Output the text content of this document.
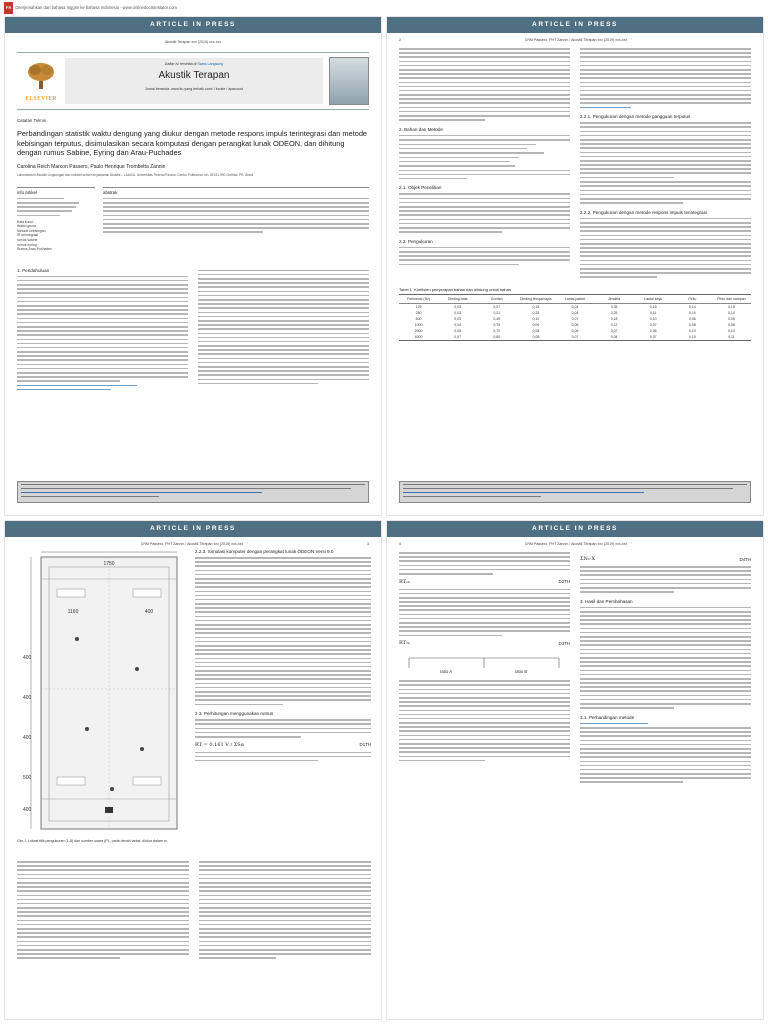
FA Diterjemahkan dari bahasa Inggris ke bahasa Indonesia - www.onlinedoctranslator.com
ARTICLE IN PRESS
Akustik Terapan xxx (2019) xxx-xxx
ELSEVIER
Daftar isi tersedia di Sains Langsung
Akustik Terapan
Jurnal beranda: www.itu.yang terbaik.com/ / locate / apacoust
Catatan Teknis
Perbandingan statistik waktu dengung yang diukur dengan metode respons impuls terintegrasi dan metode kebisingan terputus, disimulasikan secara komputasi dengan perangkat lunak ODEON, dan dihitung dengan rumus Sabine, Eyring dan Arau-Puchades
Carolina Reich Marcon Passero, Paulo Henrique Trombetta Zannin
Laboratorium Akustik Lingkungan dan Industri serta Kenyamanan Akustik – LAAICA, Universitas Federal Parana, Centro Politecnico s/n, 81531-990 Curitiba, PR, Brasil
info artikel
Kata kunci:
Waktu gema
Metode kebisingan
IR terintegrasi
rumus sabine
rumus eyring
Rumus Arau-Puchades
abstrak
1. Pendahuluan
ARTICLE IN PRESS
2	CRM Passero, PHT Zannin / Akustik Terapan xxx (2019) xxx-xxx
2. Bahan dan Metode
2.1. Objek Penelitian
2.2. Pengukuran
2.2.1. Pengukuran dengan metode gangguan terputus
2.2.2. Pengukuran dengan metode respons impuls terintegrasi
Tabel 1 Koefisien penyerapan bahan dan dihitung untuk bahan
Frekuensi (Hz)	Dinding bata	Gorden	Dinding tempat lapis	Lantai parket	Jendela	Lantai kayu	Pintu	Pintu dan nampan
125	0,03	0,07	0,15	0,04	0,35	0,15	0,14	0,15
250	0,03	0,31	0,25	0,04	0,25	0,11	0,10	0,10
500	0,03	0,49	0,10	0,07	0,18	0,10	0,06	0,06
1000	0,04	0,75	0,09	0,06	0,12	0,07	0,08	0,08
2000	0,05	0,70	0,08	0,06	0,07	0,06	0,10	0,10
4000	0,07	0,60	0,08	0,07	0,04	0,07	0,10	0,11
ARTICLE IN PRESS
CRM Passero, PHT Zannin / Akustik Terapan xxx (2019) xxx-xxx	3
1750
1160	400
400
400
400
500
400
Gbr. 1 Lokasi titik pengukuran (1-5) dan sumber suara (P1, pada denah lantai, diukur dalam m.
2.2.3. Simulasi komputer dengan perangkat lunak ODEON Versi 9.0
2.3. Perhitungan menggunakan rumus
RT = 0.161 V / ΣSα	D1TH
ARTICLE IN PRESS
4	CRM Passero, PHT Zannin / Akustik Terapan xxx (2019) xxx-xxx
RT₁ₖ	D2TH
RT₁ₖ	D3TH
ratio A	ratio B
ΣN₁·X	D4TH
3. Hasil dan Pembahasan
3.1. Perbandingan metode
